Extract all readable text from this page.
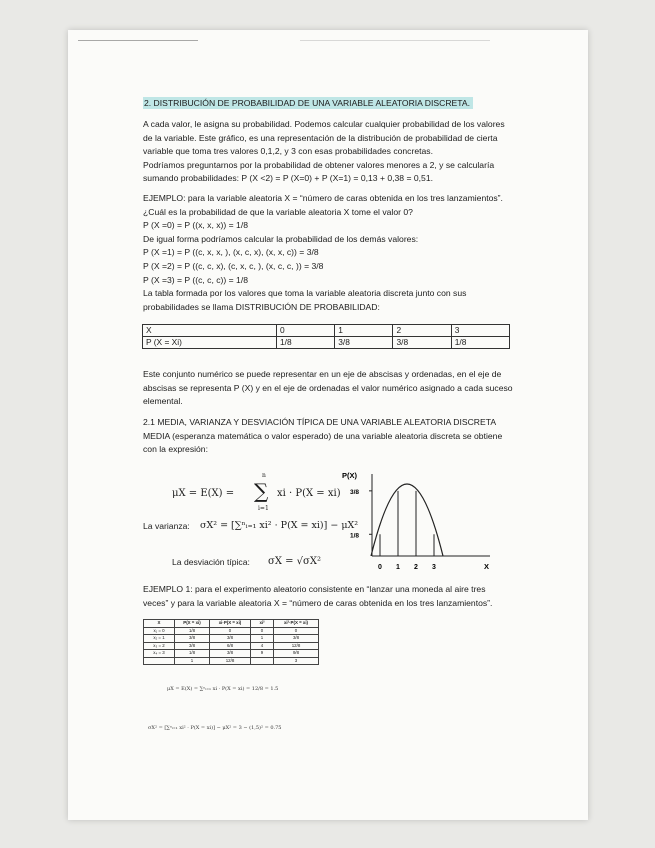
2. DISTRIBUCIÓN DE PROBABILIDAD DE UNA VARIABLE ALEATORIA DISCRETA.
A cada valor, le asigna su probabilidad. Podemos calcular cualquier probabilidad de los valores
de la variable. Este gráfico, es una representación de la distribución de probabilidad de cierta
variable que toma tres valores 0,1,2, y 3 con esas probabilidades concretas.
Podríamos preguntarnos por la probabilidad de obtener valores menores a 2, y se calcularía
sumando probabilidades: P (X <2) = P (X=0) + P (X=1) = 0,13 + 0,38 = 0,51.
EJEMPLO: para la variable aleatoria X = “número de caras obtenida en los tres lanzamientos”.
¿Cuál es la probabilidad de que la variable aleatoria X tome el valor 0?
P (X =0) = P ((x, x, x)) = 1/8
De igual forma podríamos calcular la probabilidad de los demás valores:
P (X =1) = P ((c, x, x, ), (x, c, x), (x, x, c)) = 3/8
P (X =2) = P ((c, c, x), (c, x, c, ), (x, c, c, )) = 3/8
P (X =3) = P ((c, c, c)) = 1/8
La tabla formada por los valores que toma la variable aleatoria discreta junto con sus
probabilidades se llama DISTRIBUCIÓN DE PROBABILIDAD:
X	0	1	2	3
P (X = Xi)	1/8	3/8	3/8	1/8
Este conjunto numérico se puede representar en un eje de abscisas y ordenadas, en el eje de
abscisas se representa P (X) y en el eje de ordenadas el valor numérico asignado a cada suceso
elemental.
2.1 MEDIA, VARIANZA Y DESVIACIÓN TÍPICA DE UNA VARIABLE ALEATORIA DISCRETA
MEDIA (esperanza matemática o valor esperado) de una variable aleatoria discreta se obtiene
con la expresión:
μX = E(X) =
n
∑
i=1
xi · P(X = xi)
La varianza: σX² = [∑ⁿᵢ₌₁ xi² · P(X = xi)] − μX²
La desviación típica: σX = √σX²
P(X)
X
3/8
1/8
0 1 2 3
EJEMPLO 1: para el experimento aleatorio consistente en “lanzar una moneda al aire tres
veces” y para la variable aleatoria X = “número de caras obtenida en los tres lanzamientos”.
X	P(X = xi)	xi·P(X = xi)	xi²	xi²·P(X = xi)
x₁ = 0	1/8	0	0	0
x₂ = 1	3/8	3/8	1	3/8
x₃ = 2	3/8	6/8	4	12/8
x₄ = 3	1/8	3/8	9	9/8
	1	12/8		3
μX = E(X) = ∑ⁿᵢ₌₁ xi · P(X = xi) = 12/8 = 1.5
σX² = [∑ⁿᵢ₌₁ xi² · P(X = xi)] − μX² = 3 − (1,5)² = 0.75
